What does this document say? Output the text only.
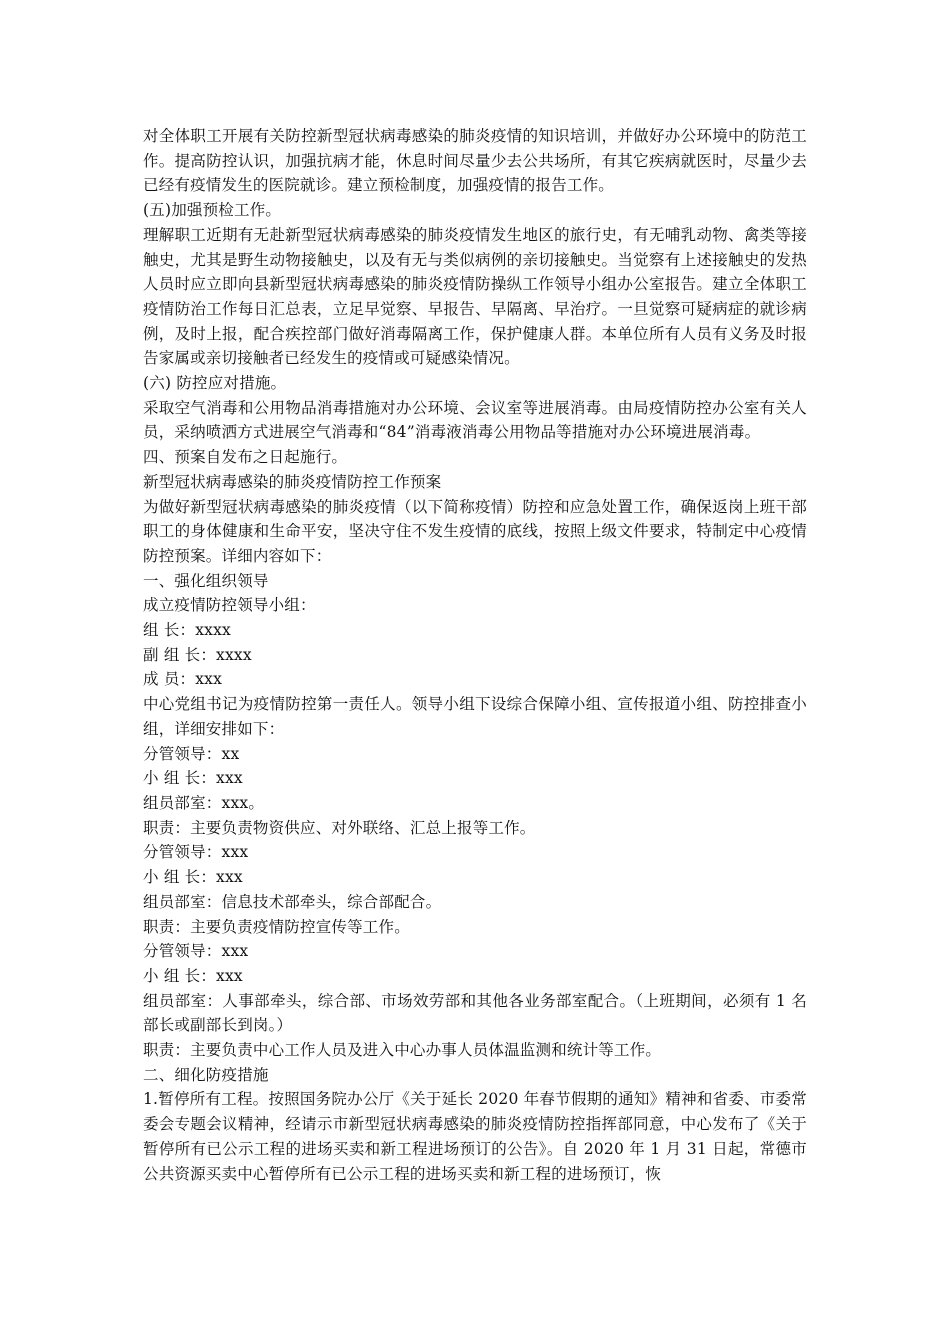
对全体职工开展有关防控新型冠状病毒感染的肺炎疫情的知识培训，并做好办公环境中的防范工作。提高防控认识，加强抗病才能，休息时间尽量少去公共场所，有其它疾病就医时，尽量少去已经有疫情发生的医院就诊。建立预检制度，加强疫情的报告工作。

(五)加强预检工作。

理解职工近期有无赴新型冠状病毒感染的肺炎疫情发生地区的旅行史，有无哺乳动物、禽类等接触史，尤其是野生动物接触史，以及有无与类似病例的亲切接触史。当觉察有上述接触史的发热人员时应立即向县新型冠状病毒感染的肺炎疫情防操纵工作领导小组办公室报告。建立全体职工疫情防治工作每日汇总表，立足早觉察、早报告、早隔离、早治疗。一旦觉察可疑病症的就诊病例，及时上报，配合疾控部门做好消毒隔离工作，保护健康人群。本单位所有人员有义务及时报告家属或亲切接触者已经发生的疫情或可疑感染情况。

(六) 防控应对措施。

采取空气消毒和公用物品消毒措施对办公环境、会议室等进展消毒。由局疫情防控办公室有关人员，采纳喷洒方式进展空气消毒和“84”消毒液消毒公用物品等措施对办公环境进展消毒。

四、预案自发布之日起施行。

新型冠状病毒感染的肺炎疫情防控工作预案

为做好新型冠状病毒感染的肺炎疫情（以下简称疫情）防控和应急处置工作，确保返岗上班干部职工的身体健康和生命平安，坚决守住不发生疫情的底线，按照上级文件要求，特制定中心疫情防控预案。详细内容如下：

一、强化组织领导

成立疫情防控领导小组：

组 长：xxxx

副 组 长：xxxx

成 员：xxx

中心党组书记为疫情防控第一责任人。领导小组下设综合保障小组、宣传报道小组、防控排查小组，详细安排如下：

分管领导：xx

小 组 长：xxx

组员部室：xxx。

职责：主要负责物资供应、对外联络、汇总上报等工作。

分管领导：xxx

小 组 长：xxx

组员部室：信息技术部牵头，综合部配合。

职责：主要负责疫情防控宣传等工作。

分管领导：xxx

小 组 长：xxx

组员部室：人事部牵头，综合部、市场效劳部和其他各业务部室配合。（上班期间，必须有 1 名部长或副部长到岗。）

职责：主要负责中心工作人员及进入中心办事人员体温监测和统计等工作。

二、细化防疫措施

1.暂停所有工程。按照国务院办公厅《关于延长 2020 年春节假期的通知》精神和省委、市委常委会专题会议精神，经请示市新型冠状病毒感染的肺炎疫情防控指挥部同意，中心发布了《关于暂停所有已公示工程的进场买卖和新工程进场预订的公告》。自 2020 年 1 月 31 日起，常德市公共资源买卖中心暂停所有已公示工程的进场买卖和新工程的进场预订，恢
